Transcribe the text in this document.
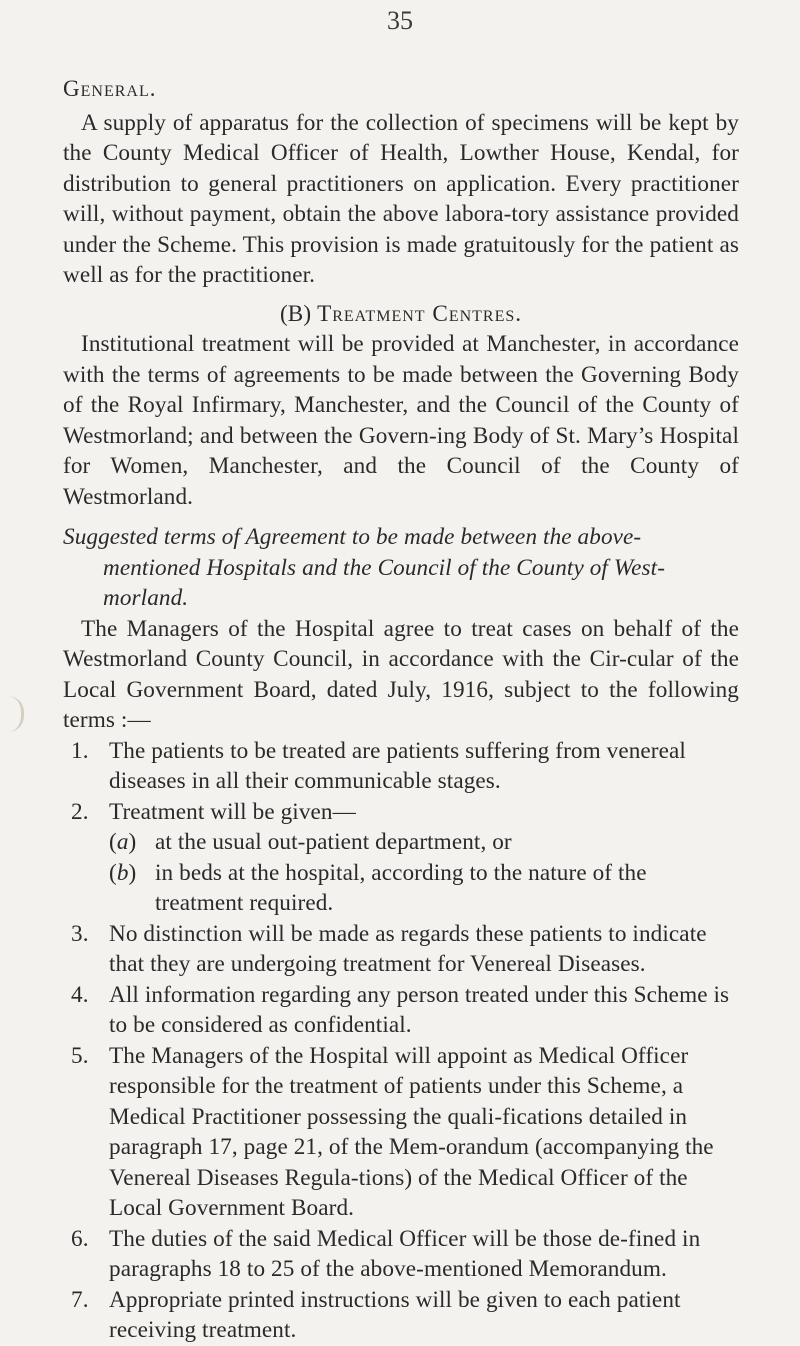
35
General.

A supply of apparatus for the collection of specimens will be kept by the County Medical Officer of Health, Lowther House, Kendal, for distribution to general practitioners on application. Every practitioner will, without payment, obtain the above labora-tory assistance provided under the Scheme. This provision is made gratuitously for the patient as well as for the practitioner.

(B) Treatment Centres.

Institutional treatment will be provided at Manchester, in accordance with the terms of agreements to be made between the Governing Body of the Royal Infirmary, Manchester, and the Council of the County of Westmorland; and between the Govern-ing Body of St. Mary’s Hospital for Women, Manchester, and the Council of the County of Westmorland.

Suggested terms of Agreement to be made between the above-
mentioned Hospitals and the Council of the County of West-
morland.

The Managers of the Hospital agree to treat cases on behalf of the Westmorland County Council, in accordance with the Cir-cular of the Local Government Board, dated July, 1916, subject to the following terms :—

1. The patients to be treated are patients suffering from venereal diseases in all their communicable stages.
2. Treatment will be given—
(a) at the usual out-patient department, or
(b) in beds at the hospital, according to the nature of the treatment required.
3. No distinction will be made as regards these patients to indicate that they are undergoing treatment for Venereal Diseases.
4. All information regarding any person treated under this Scheme is to be considered as confidential.
5. The Managers of the Hospital will appoint as Medical Officer responsible for the treatment of patients under this Scheme, a Medical Practitioner possessing the quali-fications detailed in paragraph 17, page 21, of the Mem-orandum (accompanying the Venereal Diseases Regula-tions) of the Medical Officer of the Local Government Board.
6. The duties of the said Medical Officer will be those de-fined in paragraphs 18 to 25 of the above-mentioned Memorandum.
7. Appropriate printed instructions will be given to each patient receiving treatment.
